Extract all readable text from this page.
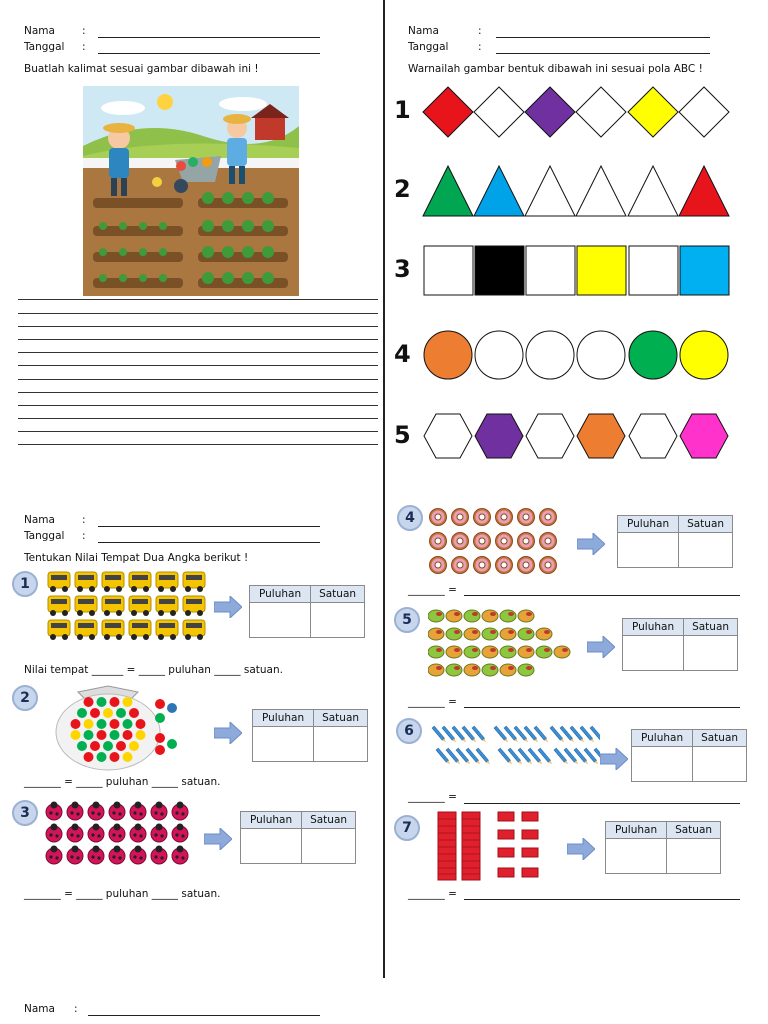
Nama	:
Tanggal :
Buatlah kalimat sesuai gambar dibawah ini !
Nama	:
Tanggal	:
Warnailah gambar bentuk dibawah ini sesuai pola ABC !
1
2
3
4
5
Nama	:
Tanggal :
Tentukan Nilai Tempat Dua Angka berikut !
1
Puluhan	Satuan

Nilai tempat ______ = _____ puluhan _____ satuan.
2
Puluhan	Satuan

_______ = _____ puluhan _____ satuan.
3	Puluhan	Satuan

_______ = _____ puluhan _____ satuan.
4	Puluhan	Satuan

_______ =
5	Puluhan	Satuan

_______ =
6	Puluhan	Satuan

_______ =
7	Puluhan	Satuan

_______ =
Nama :
